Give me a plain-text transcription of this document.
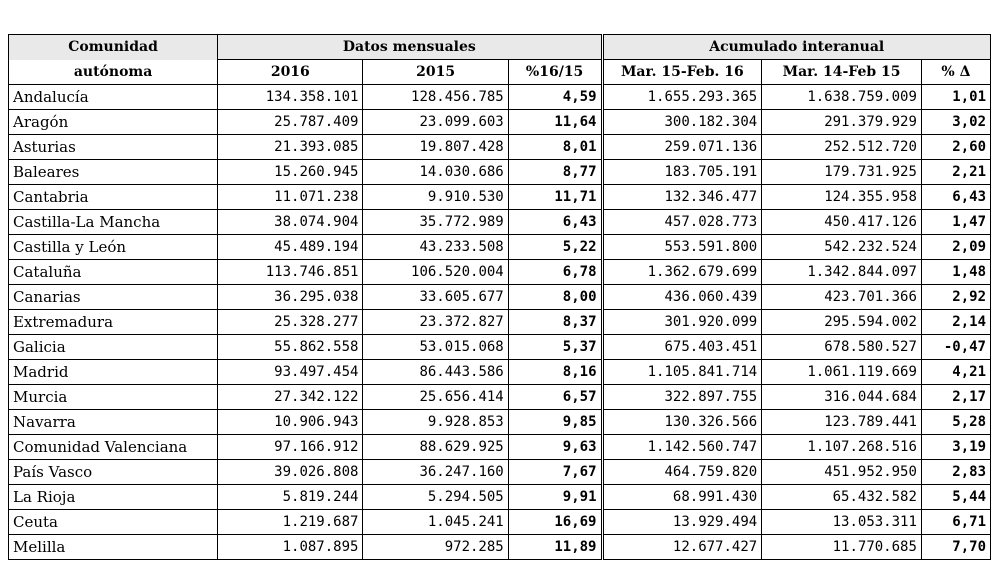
Comunidad	Datos mensuales			Acumulado interanual		
autónoma	2016	2015	%16/15	Mar. 15-Feb. 16	Mar. 14-Feb 15	% Δ
Andalucía	134.358.101	128.456.785	4,59	1.655.293.365	1.638.759.009	1,01
Aragón	25.787.409	23.099.603	11,64	300.182.304	291.379.929	3,02
Asturias	21.393.085	19.807.428	8,01	259.071.136	252.512.720	2,60
Baleares	15.260.945	14.030.686	8,77	183.705.191	179.731.925	2,21
Cantabria	11.071.238	9.910.530	11,71	132.346.477	124.355.958	6,43
Castilla-La Mancha	38.074.904	35.772.989	6,43	457.028.773	450.417.126	1,47
Castilla y León	45.489.194	43.233.508	5,22	553.591.800	542.232.524	2,09
Cataluña	113.746.851	106.520.004	6,78	1.362.679.699	1.342.844.097	1,48
Canarias	36.295.038	33.605.677	8,00	436.060.439	423.701.366	2,92
Extremadura	25.328.277	23.372.827	8,37	301.920.099	295.594.002	2,14
Galicia	55.862.558	53.015.068	5,37	675.403.451	678.580.527	-0,47
Madrid	93.497.454	86.443.586	8,16	1.105.841.714	1.061.119.669	4,21
Murcia	27.342.122	25.656.414	6,57	322.897.755	316.044.684	2,17
Navarra	10.906.943	9.928.853	9,85	130.326.566	123.789.441	5,28
Comunidad Valenciana	97.166.912	88.629.925	9,63	1.142.560.747	1.107.268.516	3,19
País Vasco	39.026.808	36.247.160	7,67	464.759.820	451.952.950	2,83
La Rioja	5.819.244	5.294.505	9,91	68.991.430	65.432.582	5,44
Ceuta	1.219.687	1.045.241	16,69	13.929.494	13.053.311	6,71
Melilla	1.087.895	972.285	11,89	12.677.427	11.770.685	7,70
